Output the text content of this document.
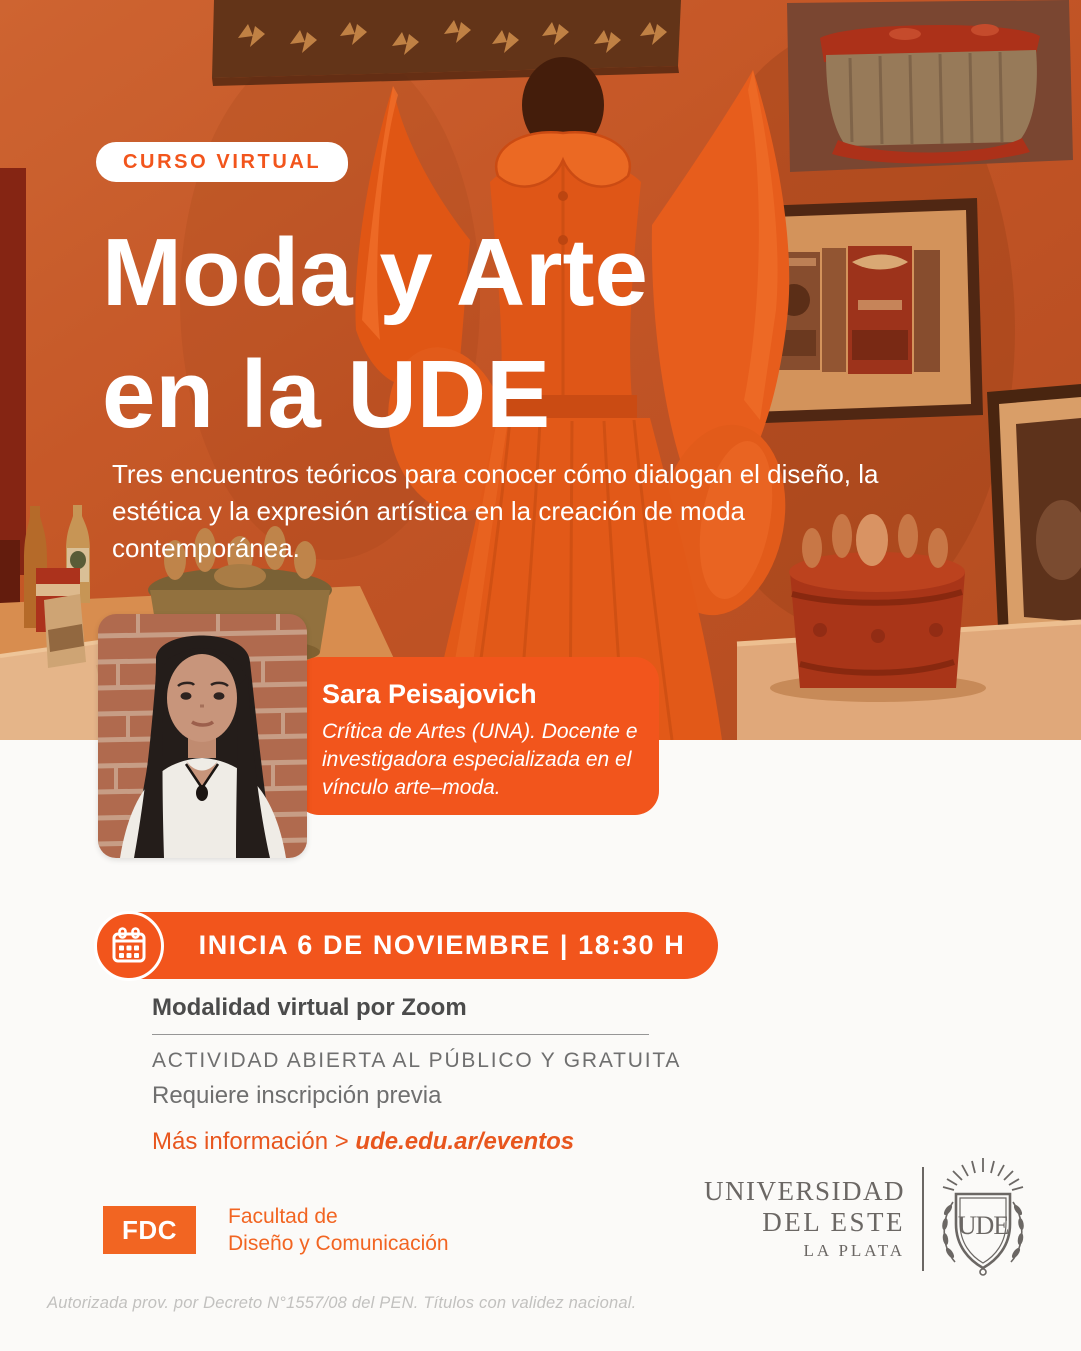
CURSO VIRTUAL
Moda y Arte
en la UDE
Tres encuentros teóricos para conocer cómo dialogan el diseño, la estética y la expresión artística en la creación de moda contemporánea.
Sara Peisajovich
Crítica de Artes (UNA). Docente e investigadora especializada en el vínculo arte–moda.
INICIA 6 DE NOVIEMBRE | 18:30 H
Modalidad virtual por Zoom
ACTIVIDAD ABIERTA AL PÚBLICO Y GRATUITA
Requiere inscripción previa
Más información > ude.edu.ar/eventos
FDC Facultad de
Diseño y Comunicación
UNIVERSIDAD
DEL ESTE
LA PLATA
UDE
Autorizada prov. por Decreto N°1557/08 del PEN. Títulos con validez nacional.
